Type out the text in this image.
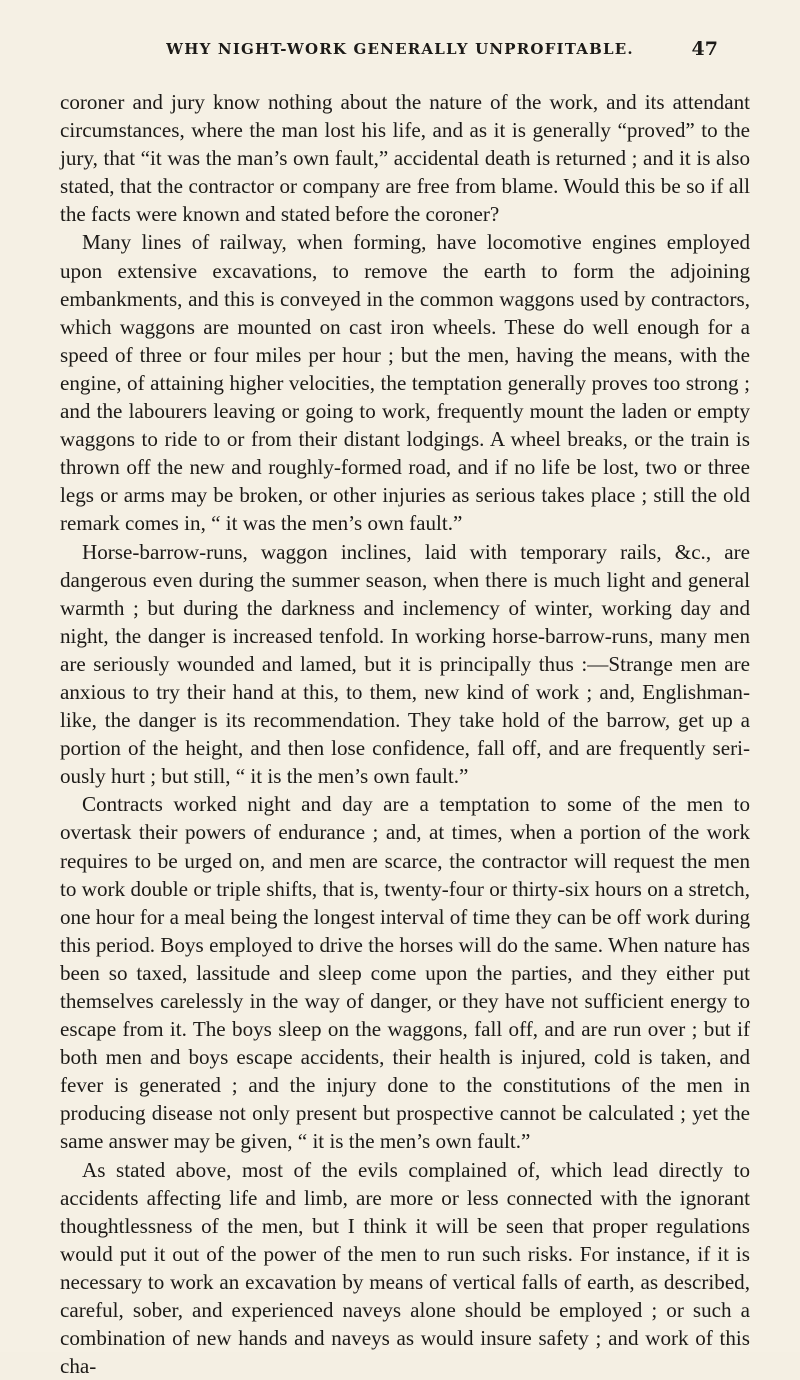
WHY NIGHT-WORK GENERALLY UNPROFITABLE.	47

coroner and jury know nothing about the nature of the work, and its attendant circumstances, where the man lost his life, and as it is generally “proved” to the jury, that “it was the man’s own fault,” accidental death is returned ; and it is also stated, that the contractor or company are free from blame. Would this be so if all the facts were known and stated before the coroner?

Many lines of railway, when forming, have locomotive engines employed upon extensive excavations, to remove the earth to form the adjoining embankments, and this is conveyed in the common waggons used by contractors, which waggons are mounted on cast iron wheels. These do well enough for a speed of three or four miles per hour ; but the men, having the means, with the engine, of attaining higher velocities, the temptation generally proves too strong ; and the labourers leaving or going to work, frequently mount the laden or empty waggons to ride to or from their distant lodgings. A wheel breaks, or the train is thrown off the new and roughly-formed road, and if no life be lost, two or three legs or arms may be broken, or other injuries as serious takes place ; still the old remark comes in, “ it was the men’s own fault.”

Horse-barrow-runs, waggon inclines, laid with temporary rails, &c., are dangerous even during the summer season, when there is much light and general warmth ; but during the darkness and inclemency of winter, working day and night, the danger is increased tenfold. In working horse-barrow-runs, many men are seriously wounded and lamed, but it is principally thus :—Strange men are anxious to try their hand at this, to them, new kind of work ; and, Englishman-like, the danger is its recommendation. They take hold of the barrow, get up a portion of the height, and then lose confidence, fall off, and are frequently seriously hurt ; but still, “ it is the men’s own fault.”

Contracts worked night and day are a temptation to some of the men to overtask their powers of endurance ; and, at times, when a portion of the work requires to be urged on, and men are scarce, the contractor will request the men to work double or triple shifts, that is, twenty-four or thirty-six hours on a stretch, one hour for a meal being the longest interval of time they can be off work during this period. Boys employed to drive the horses will do the same. When nature has been so taxed, lassitude and sleep come upon the parties, and they either put themselves carelessly in the way of danger, or they have not sufficient energy to escape from it. The boys sleep on the waggons, fall off, and are run over ; but if both men and boys escape accidents, their health is injured, cold is taken, and fever is generated ; and the injury done to the constitutions of the men in producing disease not only present but prospective cannot be calculated ; yet the same answer may be given, “ it is the men’s own fault.”

As stated above, most of the evils complained of, which lead directly to accidents affecting life and limb, are more or less connected with the ignorant thoughtlessness of the men, but I think it will be seen that proper regulations would put it out of the power of the men to run such risks. For instance, if it is necessary to work an excavation by means of vertical falls of earth, as described, careful, sober, and experienced naveys alone should be employed ; or such a combination of new hands and naveys as would insure safety ; and work of this cha-
